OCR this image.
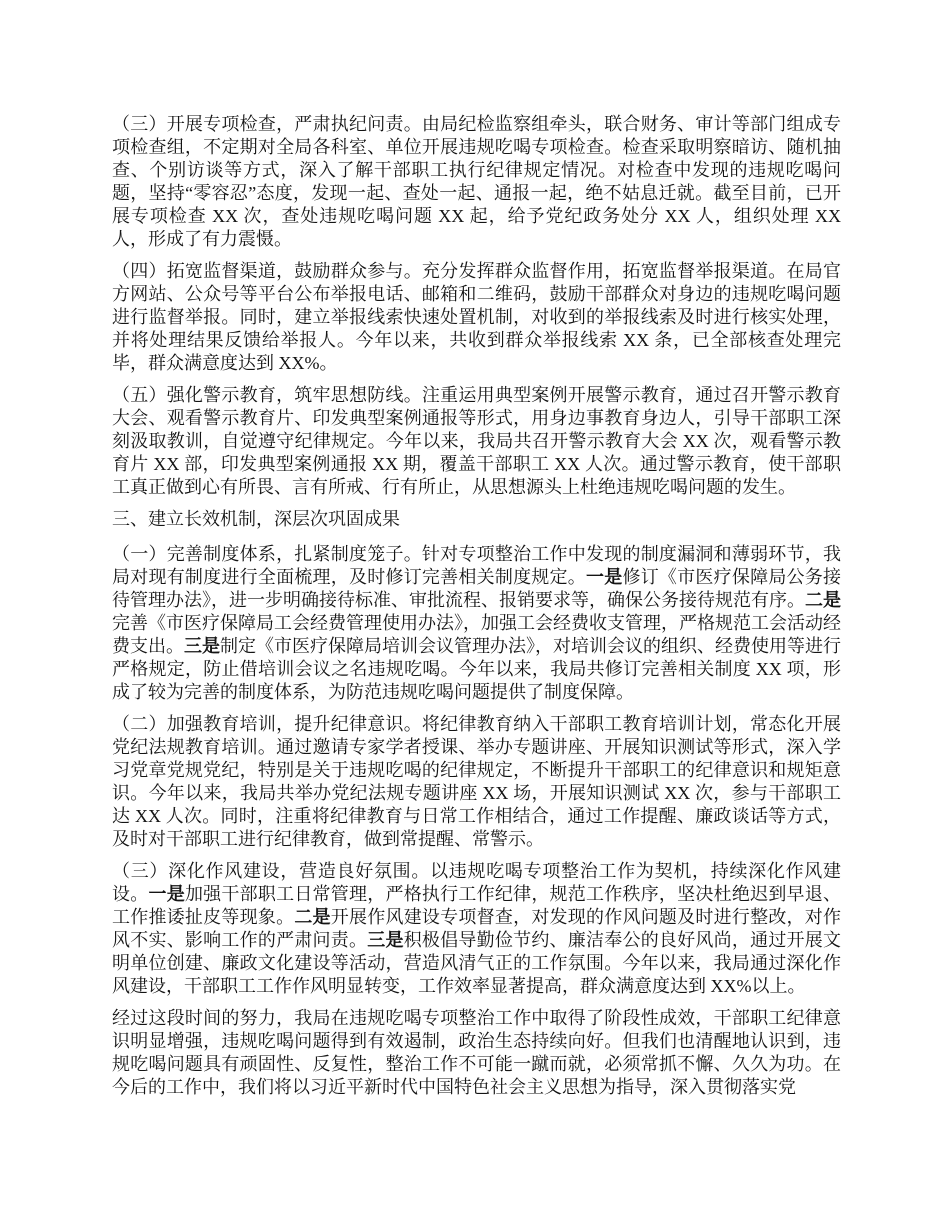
（三）开展专项检查，严肃执纪问责。由局纪检监察组牵头，联合财务、审计等部门组成专项检查组，不定期对全局各科室、单位开展违规吃喝专项检查。检查采取明察暗访、随机抽查、个别访谈等方式，深入了解干部职工执行纪律规定情况。对检查中发现的违规吃喝问题，坚持“零容忍”态度，发现一起、查处一起、通报一起，绝不姑息迁就。截至目前，已开展专项检查 XX 次，查处违规吃喝问题 XX 起，给予党纪政务处分 XX 人，组织处理 XX 人，形成了有力震慑。

（四）拓宽监督渠道，鼓励群众参与。充分发挥群众监督作用，拓宽监督举报渠道。在局官方网站、公众号等平台公布举报电话、邮箱和二维码，鼓励干部群众对身边的违规吃喝问题进行监督举报。同时，建立举报线索快速处置机制，对收到的举报线索及时进行核实处理，并将处理结果反馈给举报人。今年以来，共收到群众举报线索 XX 条，已全部核查处理完毕，群众满意度达到 XX%。

（五）强化警示教育，筑牢思想防线。注重运用典型案例开展警示教育，通过召开警示教育大会、观看警示教育片、印发典型案例通报等形式，用身边事教育身边人，引导干部职工深刻汲取教训，自觉遵守纪律规定。今年以来，我局共召开警示教育大会 XX 次，观看警示教育片 XX 部，印发典型案例通报 XX 期，覆盖干部职工 XX 人次。通过警示教育，使干部职工真正做到心有所畏、言有所戒、行有所止，从思想源头上杜绝违规吃喝问题的发生。

三、建立长效机制，深层次巩固成果

（一）完善制度体系，扎紧制度笼子。针对专项整治工作中发现的制度漏洞和薄弱环节，我局对现有制度进行全面梳理，及时修订完善相关制度规定。一是修订《市医疗保障局公务接待管理办法》，进一步明确接待标准、审批流程、报销要求等，确保公务接待规范有序。二是完善《市医疗保障局工会经费管理使用办法》，加强工会经费收支管理，严格规范工会活动经费支出。三是制定《市医疗保障局培训会议管理办法》，对培训会议的组织、经费使用等进行严格规定，防止借培训会议之名违规吃喝。今年以来，我局共修订完善相关制度 XX 项，形成了较为完善的制度体系，为防范违规吃喝问题提供了制度保障。

（二）加强教育培训，提升纪律意识。将纪律教育纳入干部职工教育培训计划，常态化开展党纪法规教育培训。通过邀请专家学者授课、举办专题讲座、开展知识测试等形式，深入学习党章党规党纪，特别是关于违规吃喝的纪律规定，不断提升干部职工的纪律意识和规矩意识。今年以来，我局共举办党纪法规专题讲座 XX 场，开展知识测试 XX 次，参与干部职工达 XX 人次。同时，注重将纪律教育与日常工作相结合，通过工作提醒、廉政谈话等方式，及时对干部职工进行纪律教育，做到常提醒、常警示。

（三）深化作风建设，营造良好氛围。以违规吃喝专项整治工作为契机，持续深化作风建设。一是加强干部职工日常管理，严格执行工作纪律，规范工作秩序，坚决杜绝迟到早退、工作推诿扯皮等现象。二是开展作风建设专项督查，对发现的作风问题及时进行整改，对作风不实、影响工作的严肃问责。三是积极倡导勤俭节约、廉洁奉公的良好风尚，通过开展文明单位创建、廉政文化建设等活动，营造风清气正的工作氛围。今年以来，我局通过深化作风建设，干部职工工作作风明显转变，工作效率显著提高，群众满意度达到 XX%以上。

经过这段时间的努力，我局在违规吃喝专项整治工作中取得了阶段性成效，干部职工纪律意识明显增强，违规吃喝问题得到有效遏制，政治生态持续向好。但我们也清醒地认识到，违规吃喝问题具有顽固性、反复性，整治工作不可能一蹴而就，必须常抓不懈、久久为功。在今后的工作中，我们将以习近平新时代中国特色社会主义思想为指导，深入贯彻落实党
